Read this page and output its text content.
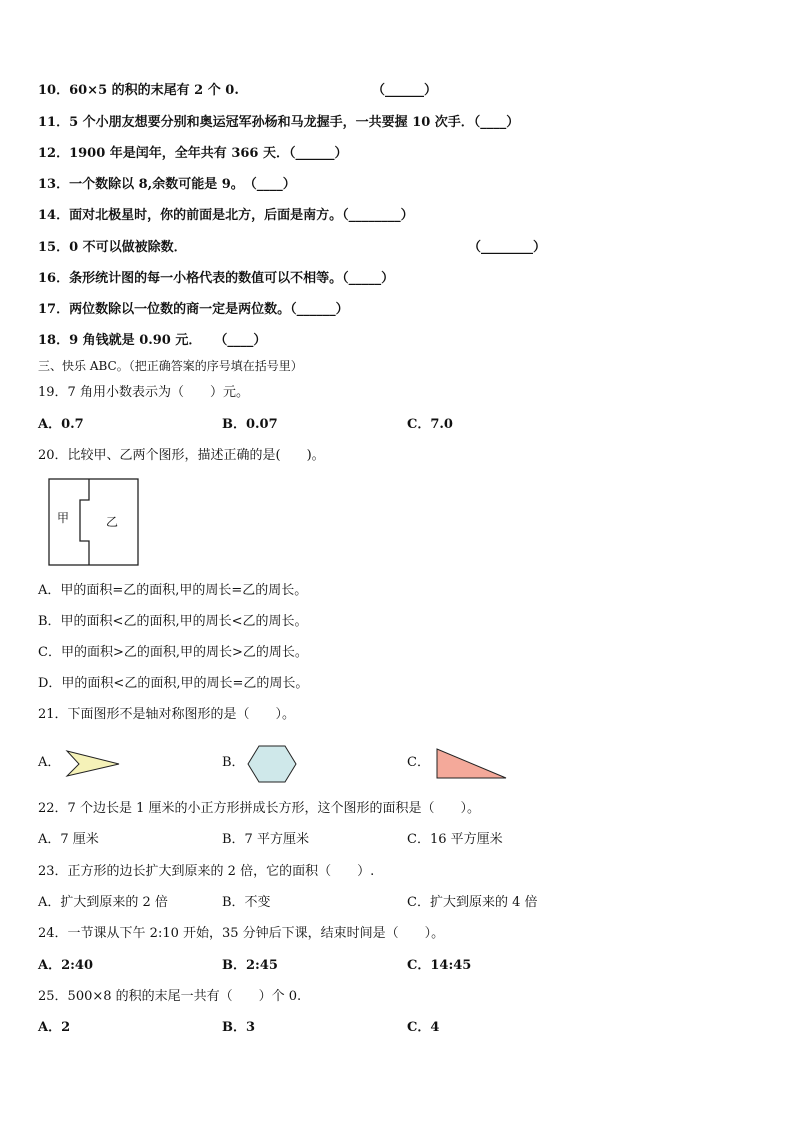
10．60×5 的积的末尾有 2 个 0.	（______）
11．5 个小朋友想要分别和奥运冠军孙杨和马龙握手，一共要握 10 次手．（____）
12．1900 年是闰年，全年共有 366 天．（______）
13．一个数除以 8,余数可能是 9。　（____）
14．面对北极星时，你的前面是北方，后面是南方。（________）
15．0 不可以做被除数．	（________）
16．条形统计图的每一小格代表的数值可以不相等。（_____）
17．两位数除以一位数的商一定是两位数。（______）
18．9 角钱就是 0.90 元．　　（____）
三、快乐 ABC。（把正确答案的序号填在括号里）
19．7 角用小数表示为（　　）元。
A．0.7	B．0.07	C．7.0
20．比较甲、乙两个图形，描述正确的是(　　)。
甲	乙
A．甲的面积=乙的面积,甲的周长=乙的周长。
B．甲的面积<乙的面积,甲的周长<乙的周长。
C．甲的面积>乙的面积,甲的周长>乙的周长。
D．甲的面积<乙的面积,甲的周长=乙的周长。
21．下面图形不是轴对称图形的是（　　）。
A．	B．	C．
22．7 个边长是 1 厘米的小正方形拼成长方形，这个图形的面积是（　　）。
A．7 厘米	B．7 平方厘米	C．16 平方厘米
23．正方形的边长扩大到原来的 2 倍，它的面积（　　）.
A．扩大到原来的 2 倍	B．不变	C．扩大到原来的 4 倍
24．一节课从下午 2:10 开始，35 分钟后下课，结束时间是（　　）。
A．2:40	B．2:45	C．14:45
25．500×8 的积的末尾一共有（　　）个 0.
A．2	B．3	C．4
